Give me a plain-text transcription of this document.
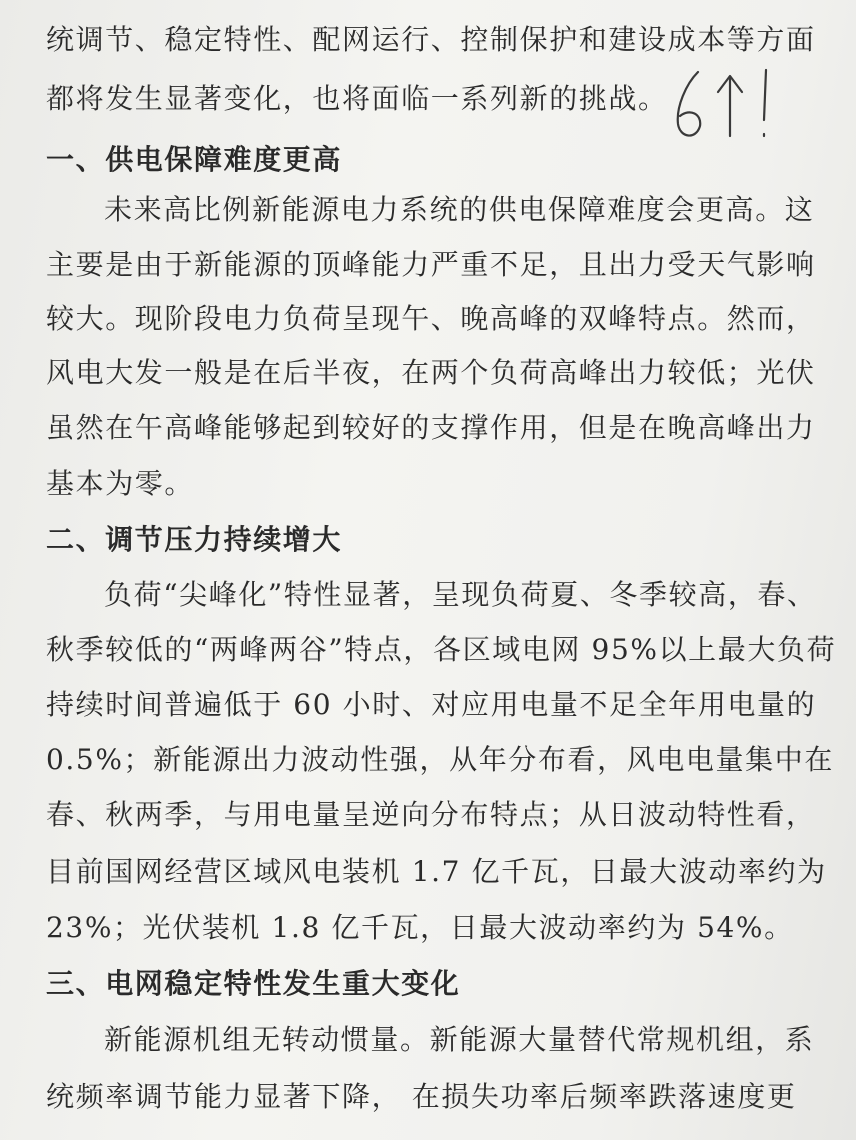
统调节、稳定特性、配网运行、控制保护和建设成本等方面
都将发生显著变化，也将面临一系列新的挑战。
一、供电保障难度更高
未来高比例新能源电力系统的供电保障难度会更高。这
主要是由于新能源的顶峰能力严重不足，且出力受天气影响
较大。现阶段电力负荷呈现午、晚高峰的双峰特点。然而，
风电大发一般是在后半夜，在两个负荷高峰出力较低；光伏
虽然在午高峰能够起到较好的支撑作用，但是在晚高峰出力
基本为零。
二、调节压力持续增大
负荷“尖峰化”特性显著，呈现负荷夏、冬季较高，春、
秋季较低的“两峰两谷”特点，各区域电网 95%以上最大负荷
持续时间普遍低于 60 小时、对应用电量不足全年用电量的
0.5%；新能源出力波动性强，从年分布看，风电电量集中在
春、秋两季，与用电量呈逆向分布特点；从日波动特性看，
目前国网经营区域风电装机 1.7 亿千瓦，日最大波动率约为
23%；光伏装机 1.8 亿千瓦，日最大波动率约为 54%。
三、电网稳定特性发生重大变化
新能源机组无转动惯量。新能源大量替代常规机组，系
统频率调节能力显著下降， 在损失功率后频率跌落速度更
